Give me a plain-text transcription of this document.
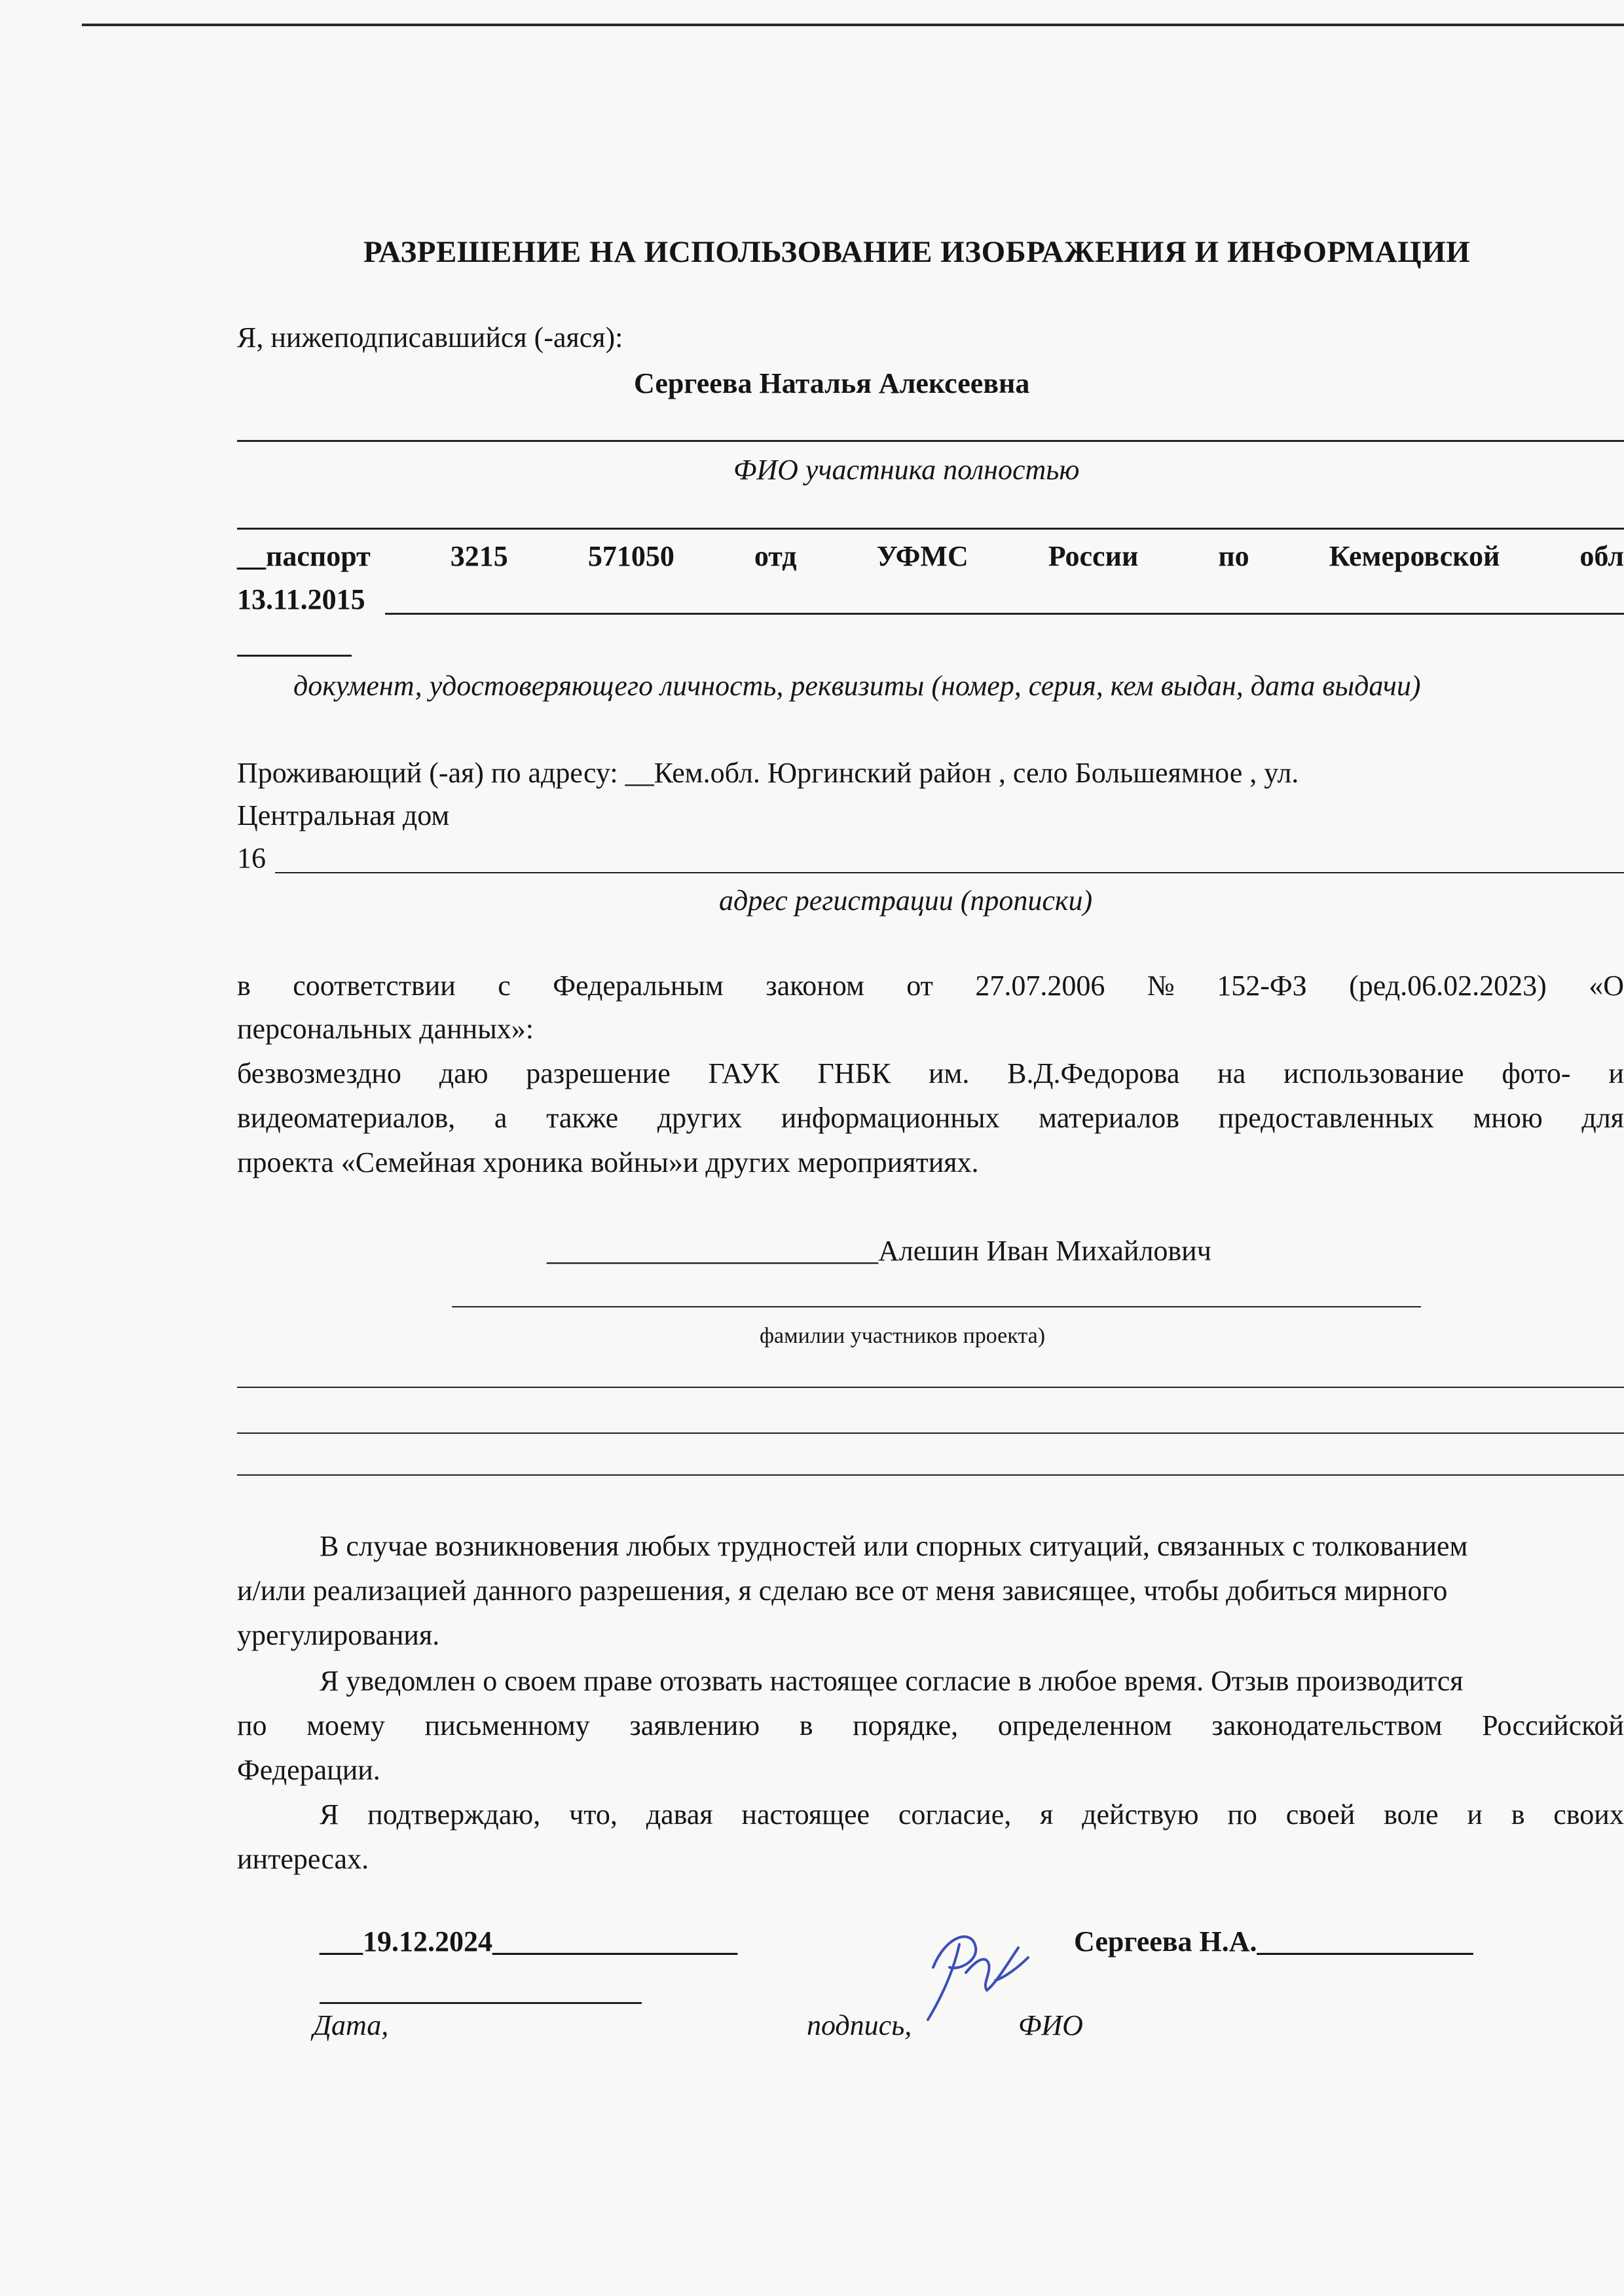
РАЗРЕШЕНИЕ НА ИСПОЛЬЗОВАНИЕ ИЗОБРАЖЕНИЯ И ИНФОРМАЦИИ
Я, нижеподписавшийся (-аяся):
Сергеева Наталья Алексеевна
ФИО участника полностью
__паспорт	3215	571050	отд	УФМС	России	по	Кемеровской	обл
13.11.2015
документ, удостоверяющего личность, реквизиты (номер, серия, кем выдан, дата выдачи)
Проживающий (-ая) по адресу: __Кем.обл. Юргинский район , село Большеямное , ул.
Центральная дом
16
адрес регистрации (прописки)
в соответствии с Федеральным законом от 27.07.2006 № 152-ФЗ (ред.06.02.2023) «О
персональных данных»:
безвозмездно даю разрешение ГАУК ГНБК им. В.Д.Федорова на использование фото- и
видеоматериалов, а также других информационных материалов предоставленных мною для
проекта «Семейная хроника войны»и других мероприятиях.
_______________________Алешин Иван Михайлович
фамилии участников проекта)
В случае возникновения любых трудностей или спорных ситуаций, связанных с толкованием
и/или реализацией данного разрешения, я сделаю все от меня зависящее, чтобы добиться мирного
урегулирования.
Я уведомлен о своем праве отозвать настоящее согласие в любое время. Отзыв производится
по моему письменному заявлению в порядке, определенном законодательством Российской
Федерации.
Я подтверждаю, что, давая настоящее согласие, я действую по своей воле и в своих
интересах.
___19.12.2024_________________	Сергеева Н.А._______________
Дата,	подпись,	ФИО
